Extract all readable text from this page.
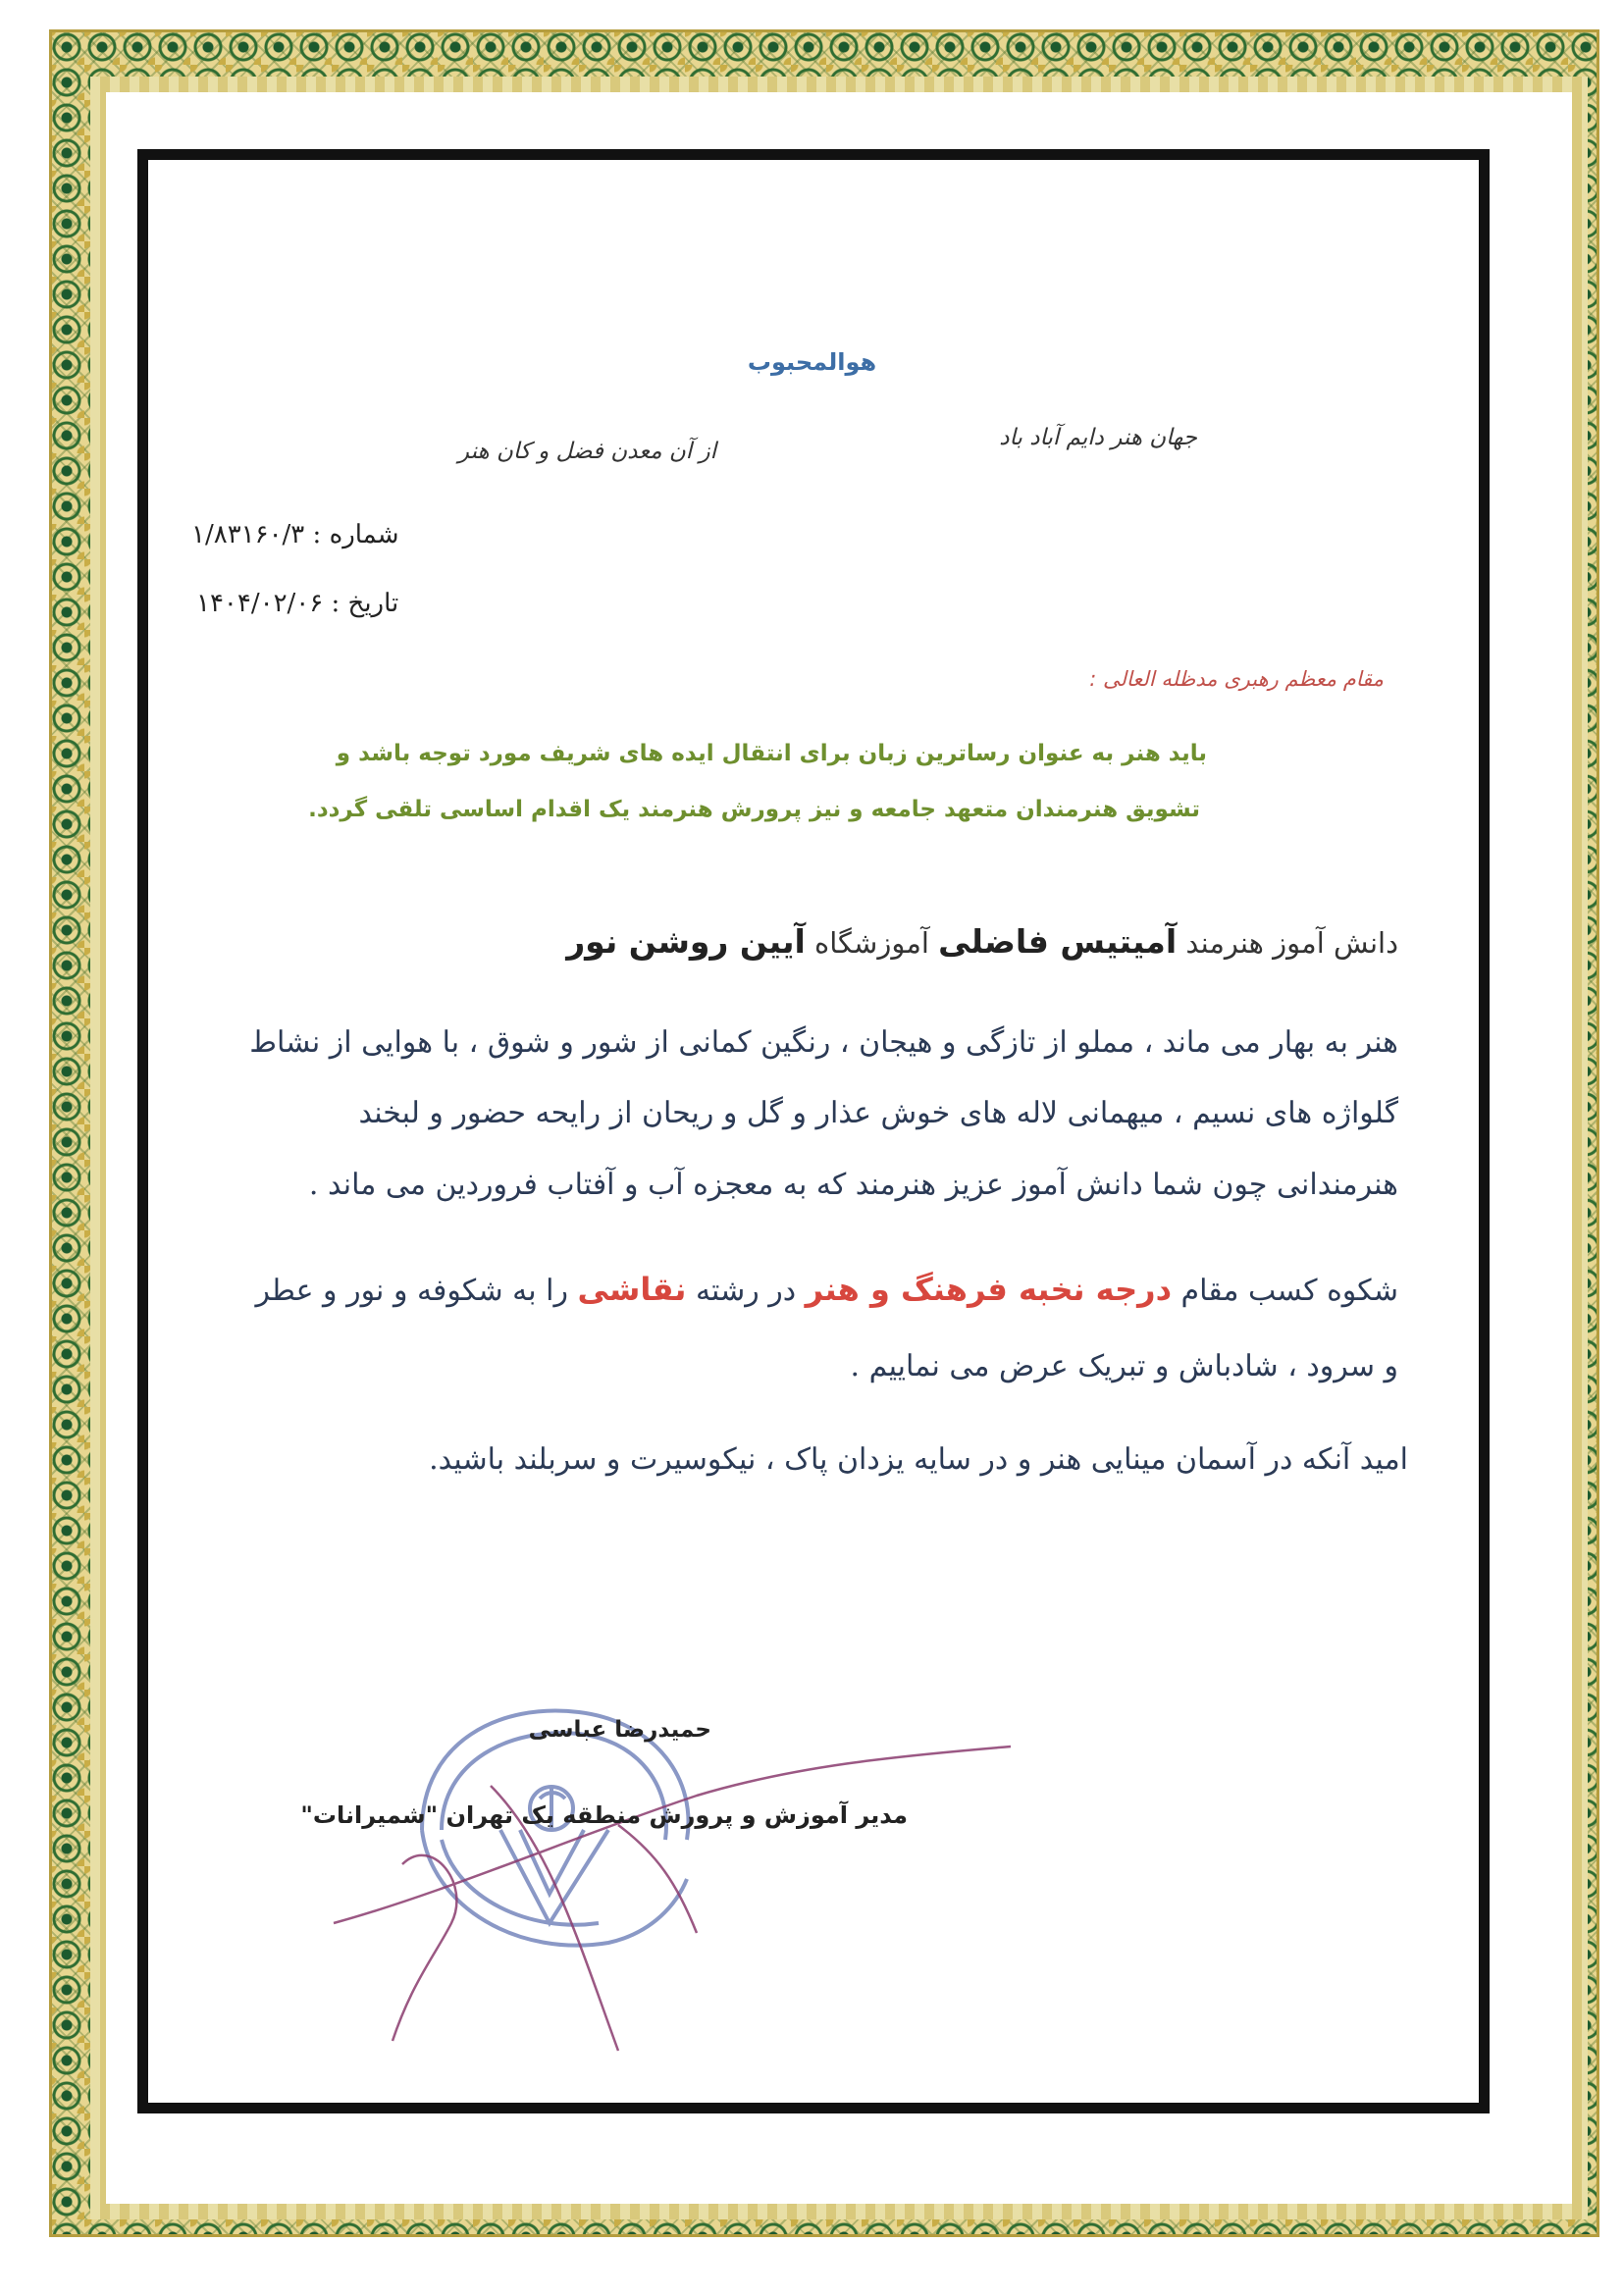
هوالمحبوب

جهان هنر دایم آباد باد

از آن معدن فضل و کان هنر

شماره : ۱/۸۳۱۶۰/۳

تاریخ : ۱۴۰۴/۰۲/۰۶

مقام معظم رهبری مدظله العالی :

باید هنر به عنوان رساترین زبان برای انتقال ایده های شریف مورد توجه باشد و

تشویق هنرمندان متعهد جامعه و نیز پرورش هنرمند یک اقدام اساسی تلقی گردد.

دانش آموز هنرمند آمیتیس فاضلی آموزشگاه آیین روشن نور

هنر به بهار می ماند ، مملو از تازگی و هیجان ، رنگین کمانی از شور و شوق ، با هوایی از نشاط

گلواژه های نسیم ، میهمانی لاله های خوش عذار و گل و ریحان از رایحه حضور و لبخند

هنرمندانی چون شما دانش آموز عزیز هنرمند که به معجزه آب و آفتاب فروردین می ماند .

شکوه کسب مقام درجه نخبه فرهنگ و هنر در رشته نقاشی را به شکوفه و نور و عطر

و سرود ، شادباش و تبریک عرض می نماییم .

امید آنکه در آسمان مینایی هنر و در سایه یزدان پاک ، نیکوسیرت و سربلند باشید.

حمیدرضا عباسی

مدیر آموزش و پرورش منطقه یک تهران "شمیرانات"
